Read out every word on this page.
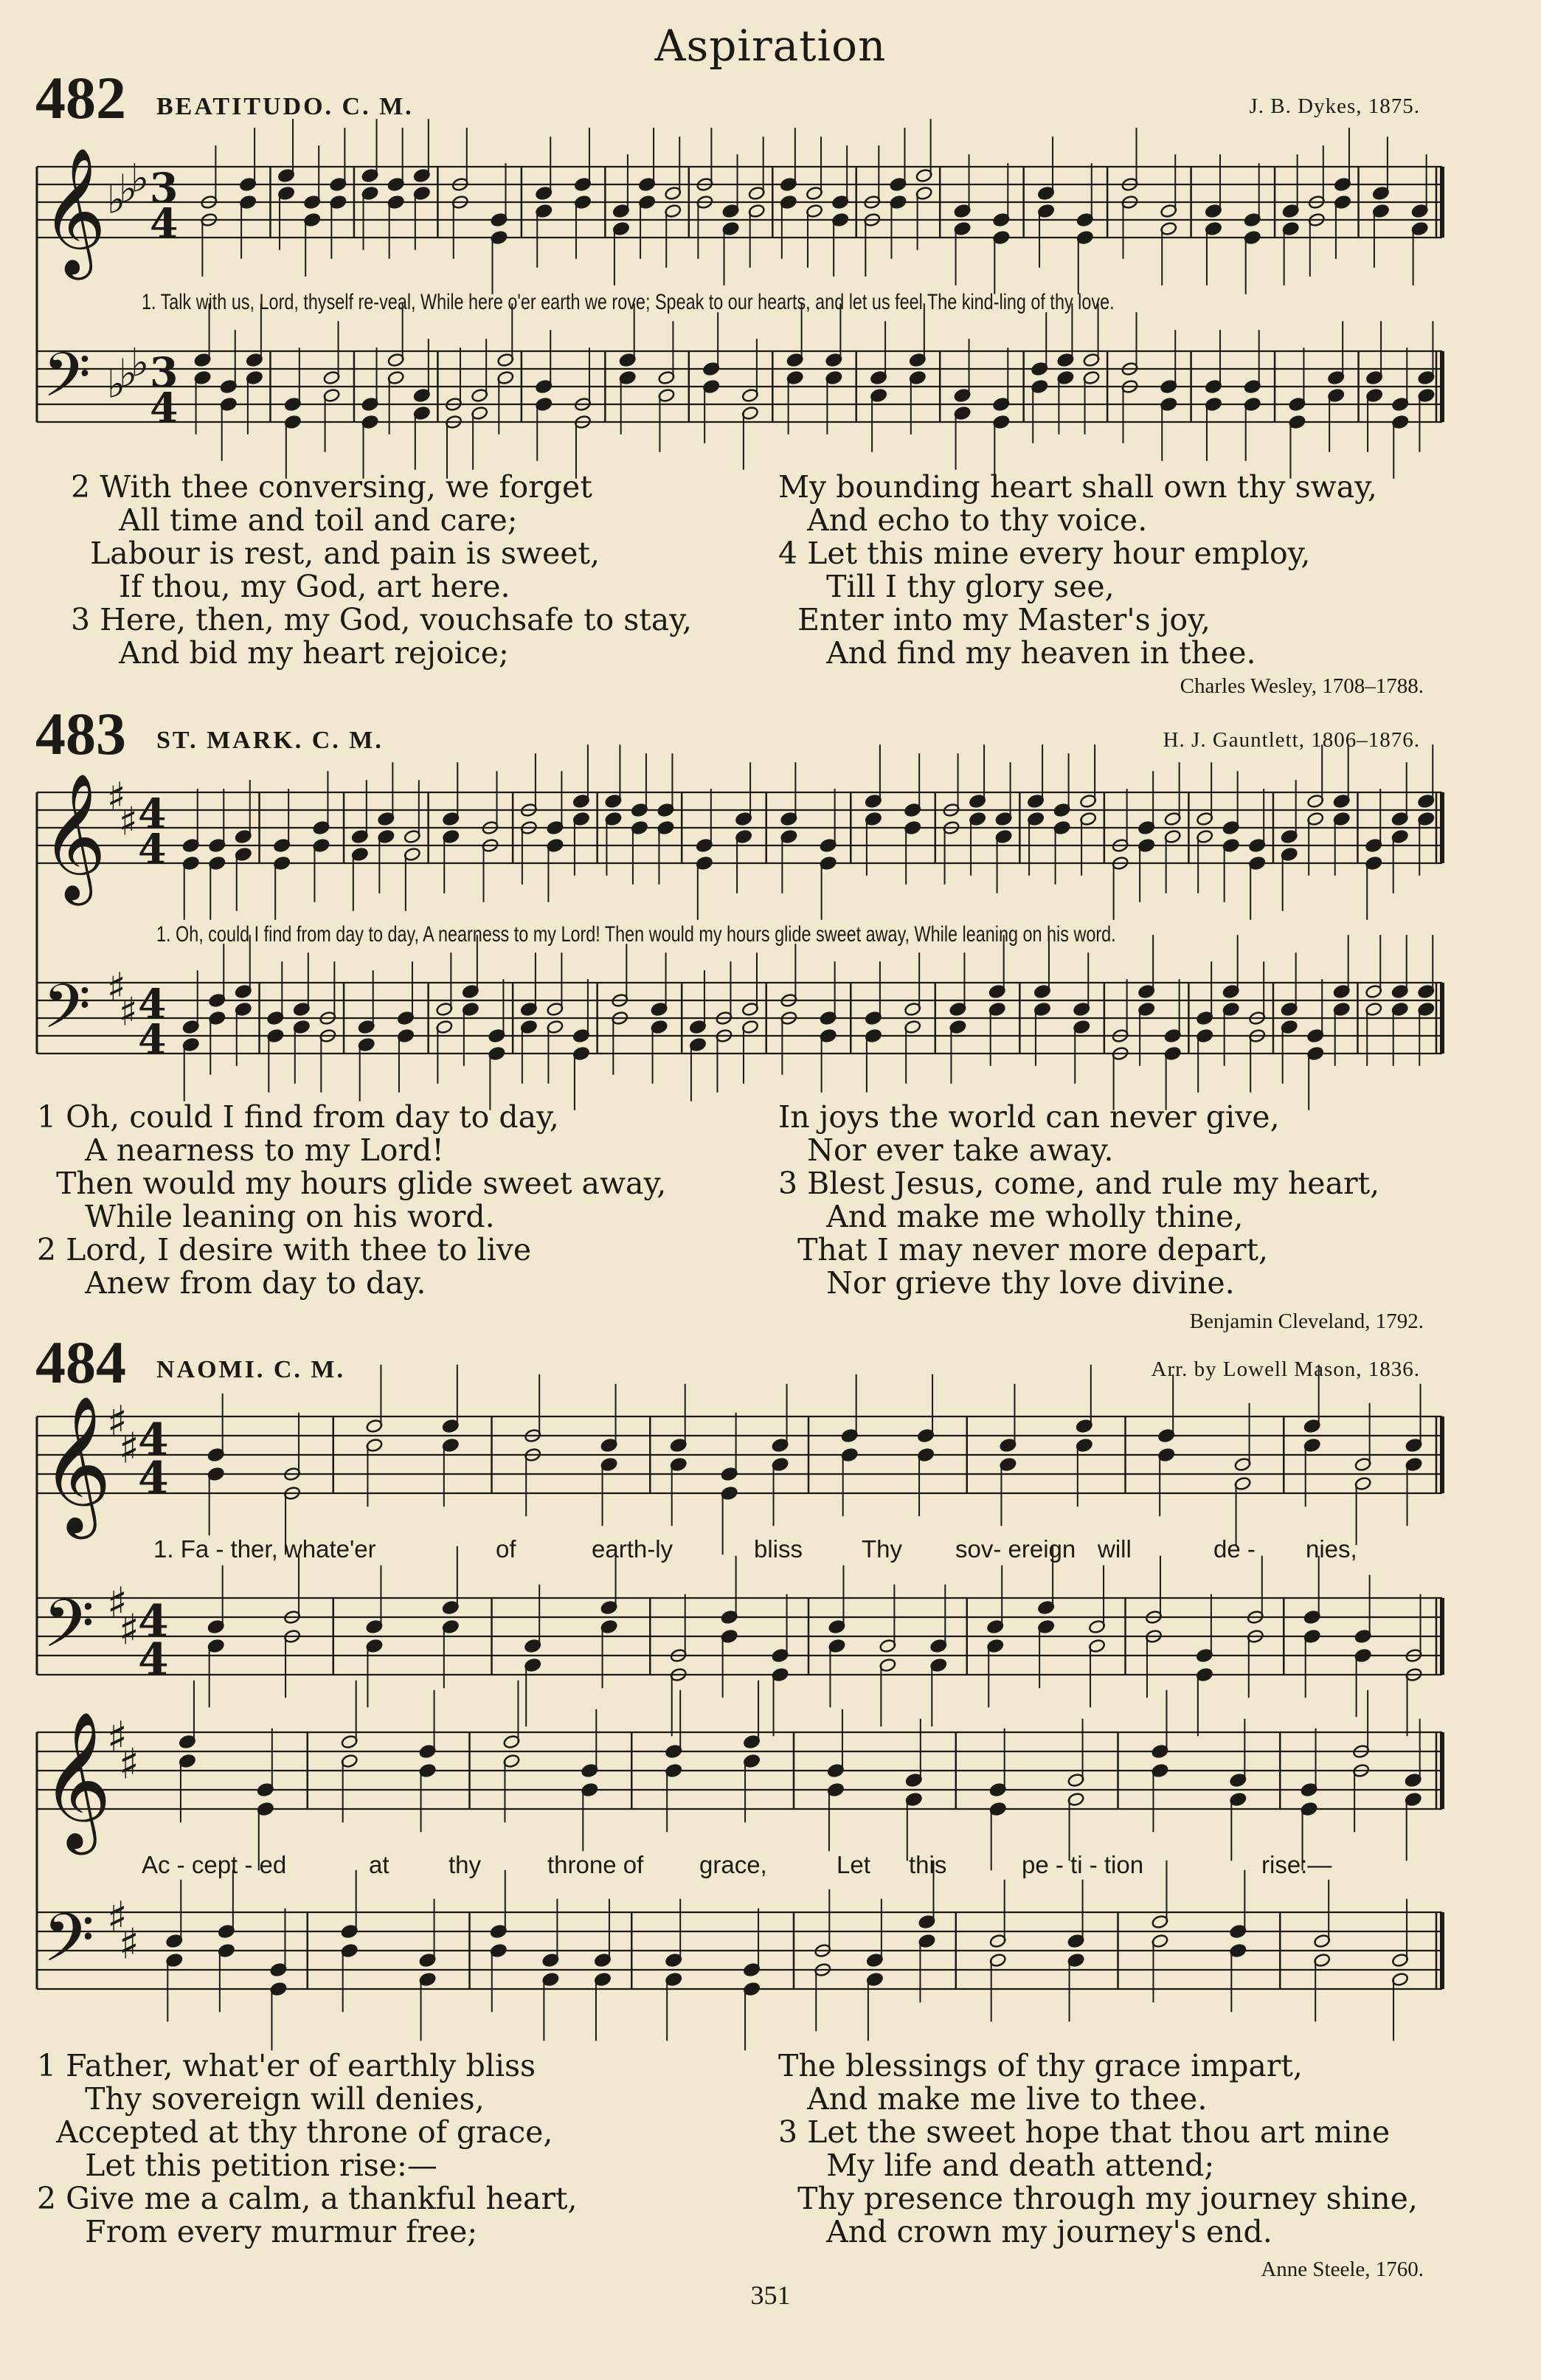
𝄞 ♭
♭
♭ 3
4
𝄢 ♭
♭
♭ 3
4
𝄞 ♯
♯ 4
4
𝄢 ♯
♯ 4
4
𝄞
♯
♯
4
4
𝄢 ♯
♯
4
4
𝄞
♯
♯
𝄢 ♯
♯
Aspiration
482 BEATITUDO. C. M.	J. B. Dykes, 1875.
1. Talk with us, Lord, thyself re-veal, While here o'er earth we rove; Speak to our hearts, and let us feel The kind-ling of thy love.
2 With thee conversing, we forget
All time and toil and care;
Labour is rest, and pain is sweet,
If thou, my God, art here.
3 Here, then, my God, vouchsafe to stay,
And bid my heart rejoice;
My bounding heart shall own thy sway,
And echo to thy voice.
4 Let this mine every hour employ,
Till I thy glory see,
Enter into my Master's joy,
And find my heaven in thee.
Charles Wesley, 1708–1788.
483 ST. MARK. C. M.	H. J. Gauntlett, 1806–1876.
1. Oh, could I find from day to day, A nearness to my Lord! Then would my hours glide sweet away, While leaning on his word.
1 Oh, could I find from day to day,
A nearness to my Lord!
Then would my hours glide sweet away,
While leaning on his word.
2 Lord, I desire with thee to live
Anew from day to day.
In joys the world can never give,
Nor ever take away.
3 Blest Jesus, come, and rule my heart,
And make me wholly thine,
That I may never more depart,
Nor grieve thy love divine.
Benjamin Cleveland, 1792.
484 NAOMI. C. M.	Arr. by Lowell Mason, 1836.
1. Fa - ther, whate'er	of	earth-ly	bliss Thy sov- ereign will	de - nies,
Ac - cept - ed	at thy	throne of grace,	Let this	pe - ti - tion	rise:—
1 Father, what'er of earthly bliss
Thy sovereign will denies,
Accepted at thy throne of grace,
Let this petition rise:—
2 Give me a calm, a thankful heart,
From every murmur free;
The blessings of thy grace impart,
And make me live to thee.
3 Let the sweet hope that thou art mine
My life and death attend;
Thy presence through my journey shine,
And crown my journey's end.
Anne Steele, 1760.
351
